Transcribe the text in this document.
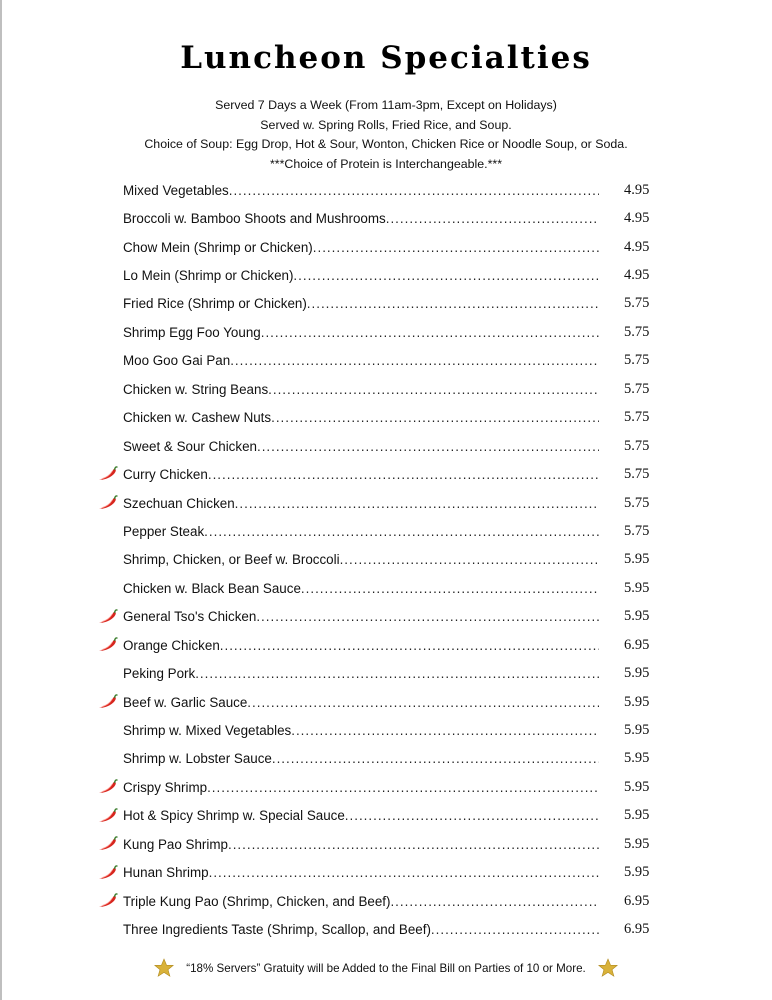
Luncheon Specialties
Served 7 Days a Week (From 11am-3pm, Except on Holidays)
Served w. Spring Rolls, Fried Rice, and Soup.
Choice of Soup: Egg Drop, Hot & Sour, Wonton, Chicken Rice or Noodle Soup, or Soda.
***Choice of Protein is Interchangeable.***
Mixed Vegetables .....	4.95
Broccoli w. Bamboo Shoots and Mushrooms .....	4.95
Chow Mein (Shrimp or Chicken) .....	4.95
Lo Mein (Shrimp or Chicken) .....	4.95
Fried Rice (Shrimp or Chicken) .....	5.75
Shrimp Egg Foo Young .....	5.75
Moo Goo Gai Pan .....	5.75
Chicken w. String Beans .....	5.75
Chicken w. Cashew Nuts .....	5.75
Sweet & Sour Chicken .....	5.75
Curry Chicken .....	5.75
Szechuan Chicken .....	5.75
Pepper Steak .....	5.75
Shrimp, Chicken, or Beef w. Broccoli .....	5.95
Chicken w. Black Bean Sauce .....	5.95
General Tso's Chicken .....	5.95
Orange Chicken .....	6.95
Peking Pork .....	5.95
Beef w. Garlic Sauce .....	5.95
Shrimp w. Mixed Vegetables .....	5.95
Shrimp w. Lobster Sauce .....	5.95
Crispy Shrimp .....	5.95
Hot & Spicy Shrimp w. Special Sauce .....	5.95
Kung Pao Shrimp .....	5.95
Hunan Shrimp .....	5.95
Triple Kung Pao (Shrimp, Chicken, and Beef) .....	6.95
Three Ingredients Taste (Shrimp, Scallop, and Beef) .....	6.95
“18% Servers” Gratuity will be Added to the Final Bill on Parties of 10 or More.
